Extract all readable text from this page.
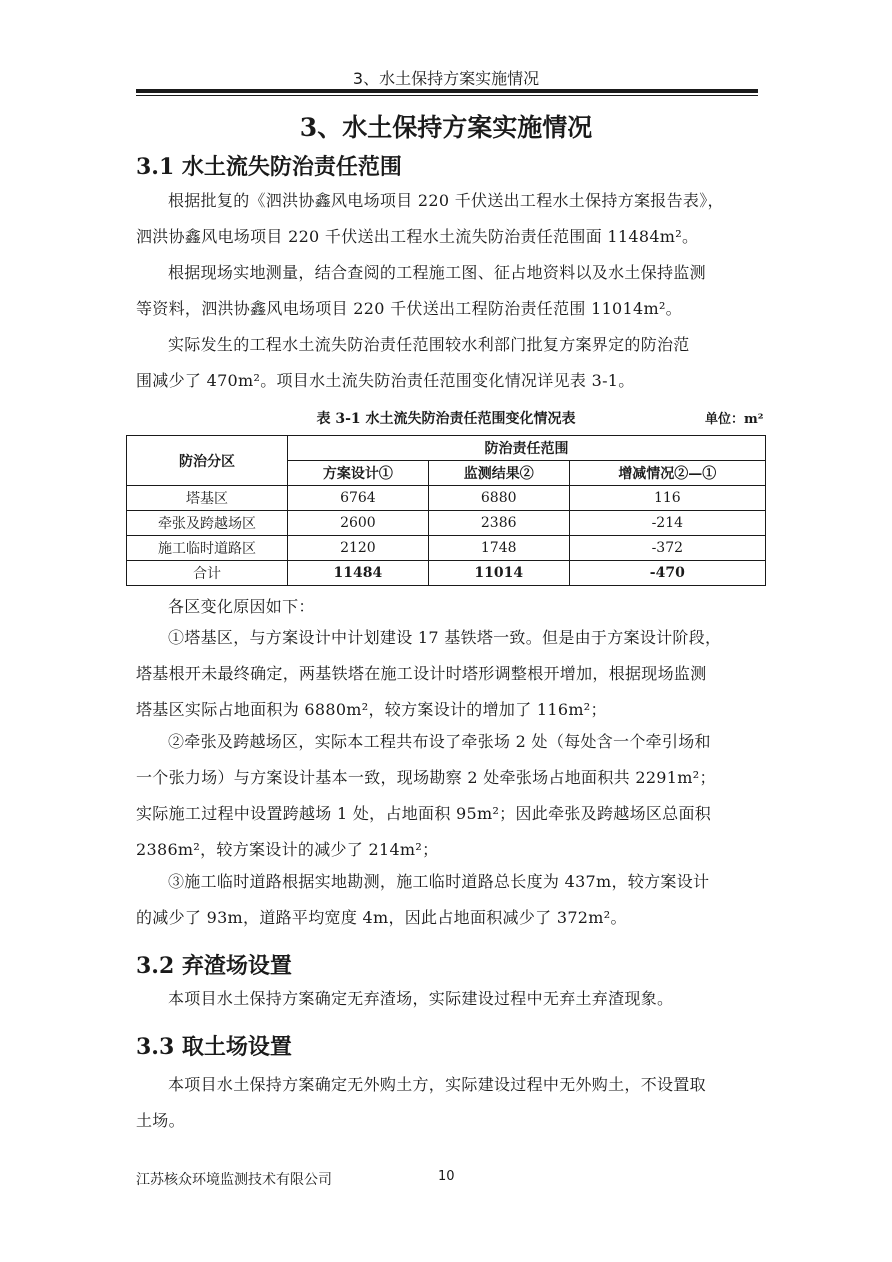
3、水土保持方案实施情况
3、水土保持方案实施情况
3.1 水土流失防治责任范围
根据批复的《泗洪协鑫风电场项目 220 千伏送出工程水土保持方案报告表》，
泗洪协鑫风电场项目 220 千伏送出工程水土流失防治责任范围面 11484m²。
根据现场实地测量，结合查阅的工程施工图、征占地资料以及水土保持监测
等资料，泗洪协鑫风电场项目 220 千伏送出工程防治责任范围 11014m²。
实际发生的工程水土流失防治责任范围较水利部门批复方案界定的防治范
围减少了 470m²。项目水土流失防治责任范围变化情况详见表 3-1。
表 3-1 水土流失防治责任范围变化情况表	单位：m²
防治分区	防治责任范围		
	方案设计①	监测结果②	增减情况②—①
塔基区	6764	6880	116
牵张及跨越场区	2600	2386	-214
施工临时道路区	2120	1748	-372
合计	11484	11014	-470
各区变化原因如下：
①塔基区，与方案设计中计划建设 17 基铁塔一致。但是由于方案设计阶段，
塔基根开未最终确定，两基铁塔在施工设计时塔形调整根开增加，根据现场监测
塔基区实际占地面积为 6880m²，较方案设计的增加了 116m²；
②牵张及跨越场区，实际本工程共布设了牵张场 2 处（每处含一个牵引场和
一个张力场）与方案设计基本一致，现场勘察 2 处牵张场占地面积共 2291m²；
实际施工过程中设置跨越场 1 处，占地面积 95m²；因此牵张及跨越场区总面积
2386m²，较方案设计的减少了 214m²；
③施工临时道路根据实地勘测，施工临时道路总长度为 437m，较方案设计
的减少了 93m，道路平均宽度 4m，因此占地面积减少了 372m²。
3.2 弃渣场设置
本项目水土保持方案确定无弃渣场，实际建设过程中无弃土弃渣现象。
3.3 取土场设置
本项目水土保持方案确定无外购土方，实际建设过程中无外购土，不设置取
土场。
江苏核众环境监测技术有限公司	10
